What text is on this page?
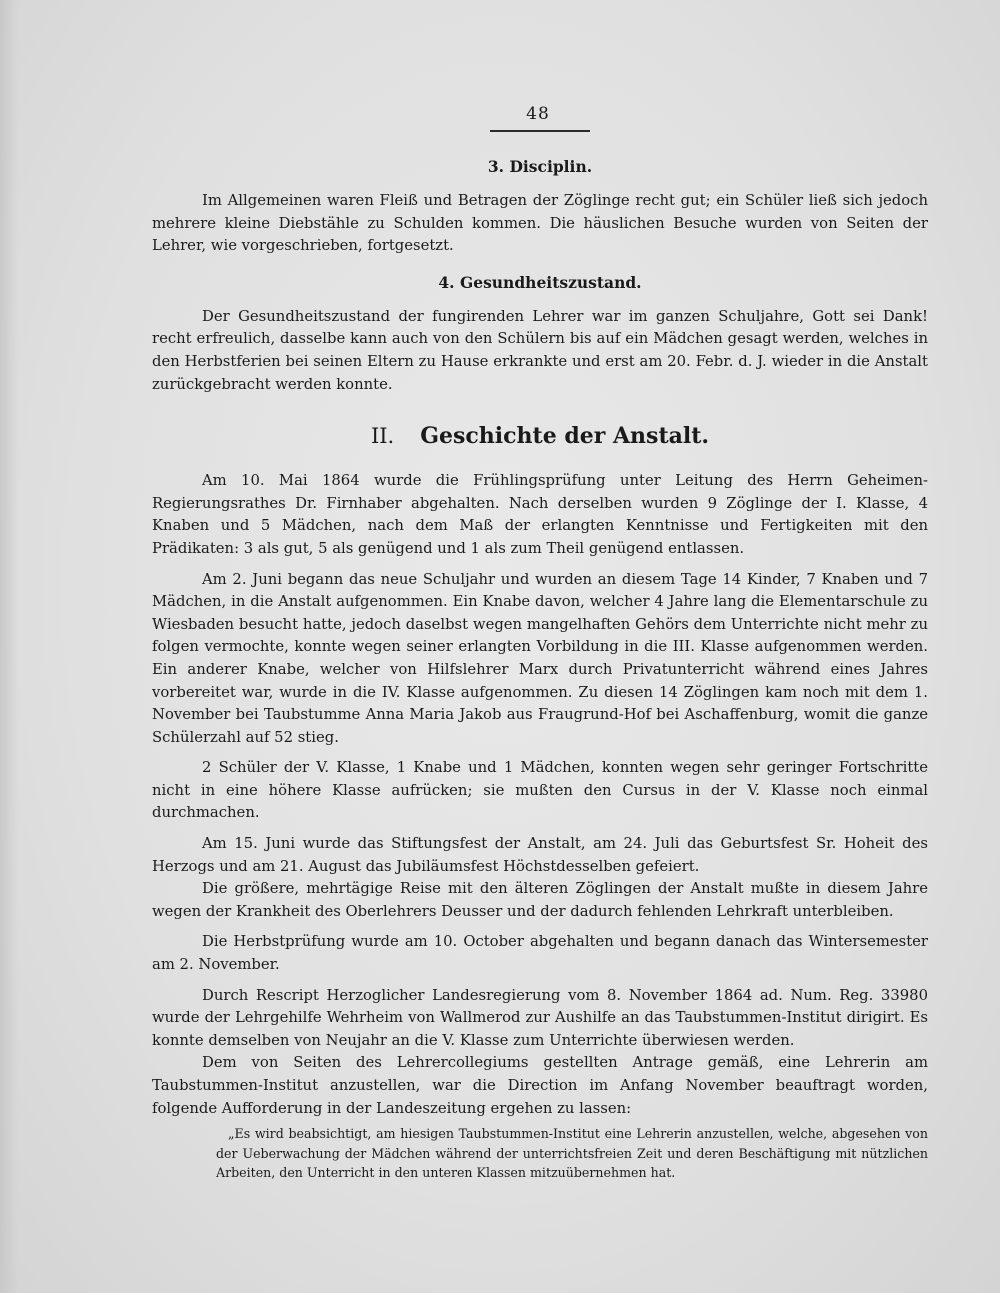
48
3. Disciplin.

Im Allgemeinen waren Fleiß und Betragen der Zöglinge recht gut; ein Schüler ließ sich jedoch mehrere kleine Diebstähle zu Schulden kommen. Die häuslichen Besuche wurden von Seiten der Lehrer, wie vorgeschrieben, fortgesetzt.

4. Gesundheitszustand.

Der Gesundheitszustand der fungirenden Lehrer war im ganzen Schuljahre, Gott sei Dank! recht erfreulich, dasselbe kann auch von den Schülern bis auf ein Mädchen gesagt werden, welches in den Herbstferien bei seinen Eltern zu Hause erkrankte und erst am 20. Febr. d. J. wieder in die Anstalt zurückgebracht werden konnte.

II. Geschichte der Anstalt.

Am 10. Mai 1864 wurde die Frühlingsprüfung unter Leitung des Herrn Geheimen-Regierungsrathes Dr. Firnhaber abgehalten. Nach derselben wurden 9 Zöglinge der I. Klasse, 4 Knaben und 5 Mädchen, nach dem Maß der erlangten Kenntnisse und Fertigkeiten mit den Prädikaten: 3 als gut, 5 als genügend und 1 als zum Theil genügend entlassen.

Am 2. Juni begann das neue Schuljahr und wurden an diesem Tage 14 Kinder, 7 Knaben und 7 Mädchen, in die Anstalt aufgenommen. Ein Knabe davon, welcher 4 Jahre lang die Elementarschule zu Wiesbaden besucht hatte, jedoch daselbst wegen mangelhaften Gehörs dem Unterrichte nicht mehr zu folgen vermochte, konnte wegen seiner erlangten Vorbildung in die III. Klasse aufgenommen werden. Ein anderer Knabe, welcher von Hilfslehrer Marx durch Privatunterricht während eines Jahres vorbereitet war, wurde in die IV. Klasse aufgenommen. Zu diesen 14 Zöglingen kam noch mit dem 1. November bei Taubstumme Anna Maria Jakob aus Fraugrund-Hof bei Aschaffenburg, womit die ganze Schülerzahl auf 52 stieg.

2 Schüler der V. Klasse, 1 Knabe und 1 Mädchen, konnten wegen sehr geringer Fortschritte nicht in eine höhere Klasse aufrücken; sie mußten den Cursus in der V. Klasse noch einmal durchmachen.

Am 15. Juni wurde das Stiftungsfest der Anstalt, am 24. Juli das Geburtsfest Sr. Hoheit des Herzogs und am 21. August das Jubiläumsfest Höchstdesselben gefeiert.

Die größere, mehrtägige Reise mit den älteren Zöglingen der Anstalt mußte in diesem Jahre wegen der Krankheit des Oberlehrers Deusser und der dadurch fehlenden Lehrkraft unterbleiben.

Die Herbstprüfung wurde am 10. October abgehalten und begann danach das Wintersemester am 2. November.

Durch Rescript Herzoglicher Landesregierung vom 8. November 1864 ad. Num. Reg. 33980 wurde der Lehrgehilfe Wehrheim von Wallmerod zur Aushilfe an das Taubstummen-Institut dirigirt. Es konnte demselben von Neujahr an die V. Klasse zum Unterrichte überwiesen werden.

Dem von Seiten des Lehrercollegiums gestellten Antrage gemäß, eine Lehrerin am Taubstummen-Institut anzustellen, war die Direction im Anfang November beauftragt worden, folgende Aufforderung in der Landeszeitung ergehen zu lassen:

„Es wird beabsichtigt, am hiesigen Taubstummen-Institut eine Lehrerin anzustellen, welche, abgesehen von der Ueberwachung der Mädchen während der unterrichtsfreien Zeit und deren Beschäftigung mit nützlichen Arbeiten, den Unterricht in den unteren Klassen mitzuübernehmen hat.
